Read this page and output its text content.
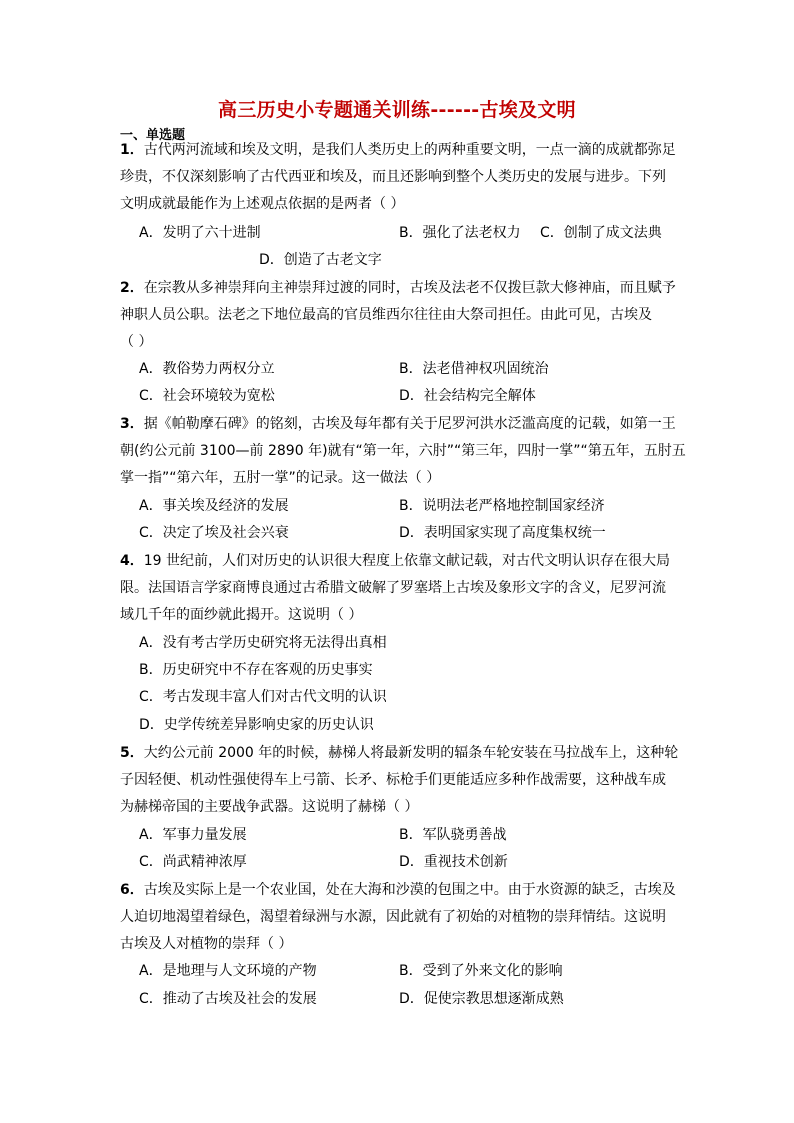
高三历史小专题通关训练------古埃及文明
一、单选题
1．古代两河流域和埃及文明，是我们人类历史上的两种重要文明，一点一滴的成就都弥足
珍贵，不仅深刻影响了古代西亚和埃及，而且还影响到整个人类历史的发展与进步。下列
文明成就最能作为上述观点依据的是两者（ ）
A．发明了六十进制	B．强化了法老权力 C．创制了成文法典
D．创造了古老文字
2．在宗教从多神崇拜向主神崇拜过渡的同时，古埃及法老不仅拨巨款大修神庙，而且赋予
神职人员公职。法老之下地位最高的官员维西尔往往由大祭司担任。由此可见，古埃及
（ ）
A．教俗势力两权分立	B．法老借神权巩固统治
C．社会环境较为宽松	D．社会结构完全解体
3．据《帕勒摩石碑》的铭刻，古埃及每年都有关于尼罗河洪水泛滥高度的记载，如第一王
朝(约公元前 3100—前 2890 年)就有“第一年，六肘”“第三年，四肘一掌”“第五年，五肘五
掌一指”“第六年，五肘一掌”的记录。这一做法（ ）
A．事关埃及经济的发展	B．说明法老严格地控制国家经济
C．决定了埃及社会兴衰	D．表明国家实现了高度集权统一
4．19 世纪前，人们对历史的认识很大程度上依靠文献记载，对古代文明认识存在很大局
限。法国语言学家商博良通过古希腊文破解了罗塞塔上古埃及象形文字的含义，尼罗河流
域几千年的面纱就此揭开。这说明（ ）
A．没有考古学历史研究将无法得出真相
B．历史研究中不存在客观的历史事实
C．考古发现丰富人们对古代文明的认识
D．史学传统差异影响史家的历史认识
5．大约公元前 2000 年的时候，赫梯人将最新发明的辐条车轮安装在马拉战车上，这种轮
子因轻便、机动性强使得车上弓箭、长矛、标枪手们更能适应多种作战需要，这种战车成
为赫梯帝国的主要战争武器。这说明了赫梯（ ）
A．军事力量发展	B．军队骁勇善战
C．尚武精神浓厚	D．重视技术创新
6．古埃及实际上是一个农业国，处在大海和沙漠的包围之中。由于水资源的缺乏，古埃及
人迫切地渴望着绿色，渴望着绿洲与水源，因此就有了初始的对植物的崇拜情结。这说明
古埃及人对植物的崇拜（ ）
A．是地理与人文环境的产物	B．受到了外来文化的影响
C．推动了古埃及社会的发展	D．促使宗教思想逐渐成熟
